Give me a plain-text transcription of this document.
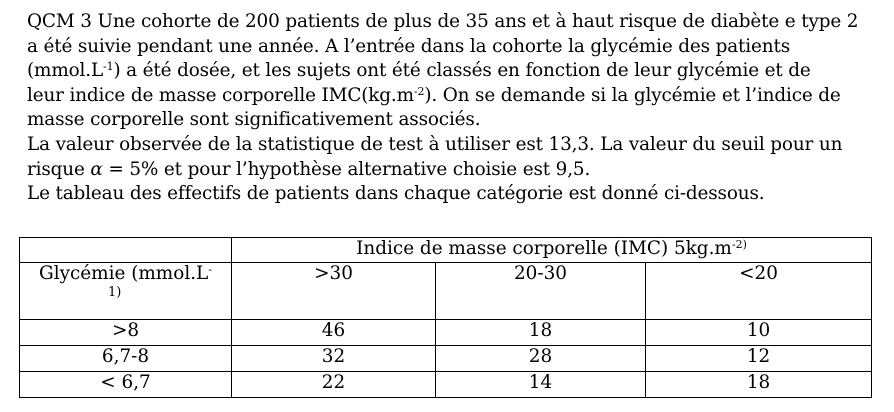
QCM 3 Une cohorte de 200 patients de plus de 35 ans et à haut risque de diabète e type 2
a été suivie pendant une année. A l’entrée dans la cohorte la glycémie des patients
$(mmol.L^{-1})$ a été dosée, et les sujets ont été classés en fonction de leur glycémie et de
leur indice de masse corporelle $IMC(kg.m^{-2})$. On se demande si la glycémie et l’indice de
masse corporelle sont significativement associés.
La valeur observée de la statistique de test à utiliser est 13,3. La valeur du seuil pour un
risque α = 5% et pour l’hypothèse alternative choisie est 9,5.
Le tableau des effectifs de patients dans chaque catégorie est donné ci-dessous.
	Indice de masse corporelle (IMC) $5kg.m^{-2)}$
Glycémie (mmol.L-
1)	>30	20-30	<20
>8	46	18	10
6,7-8	32	28	12
< 6,7	22	14	18
